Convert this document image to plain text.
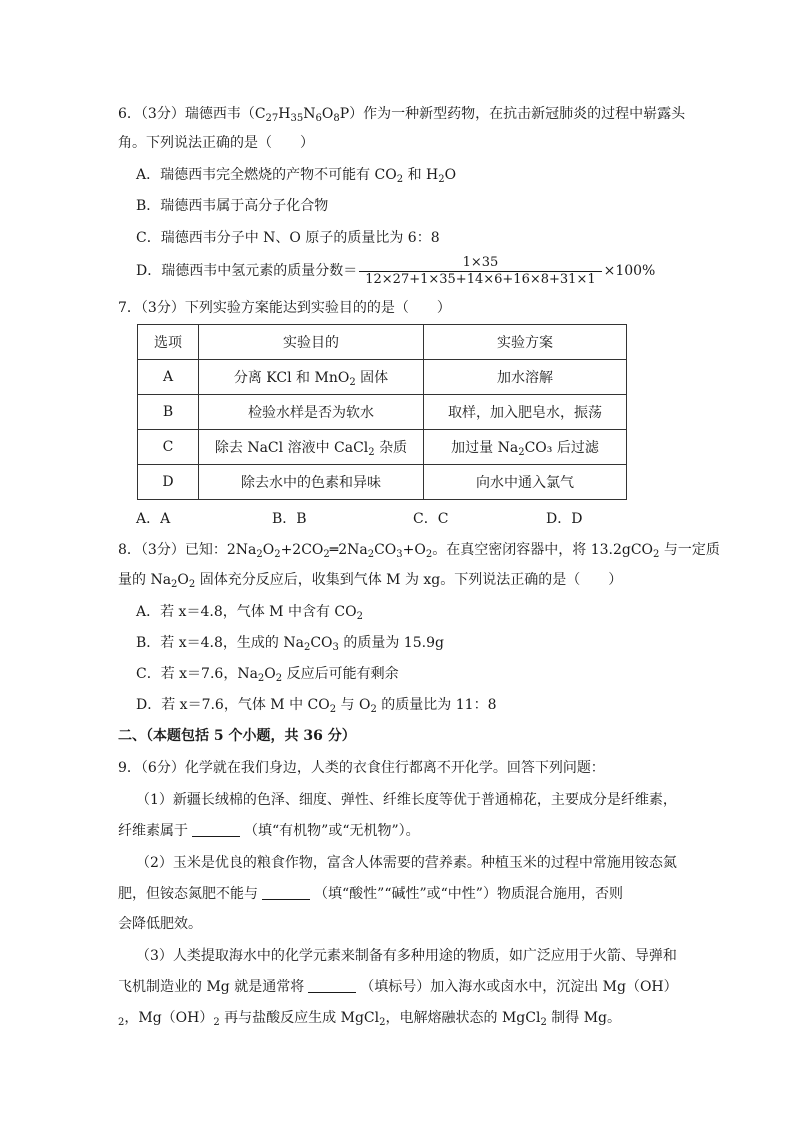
6．（3分）瑞德西韦$(C_{27}H_{35}N_6O_8P)$作为一种新型药物，在抗击新冠肺炎的过程中崭露头
角。下列说法正确的是（　　）
A．瑞德西韦完全燃烧的产物不可能有 $CO_2$ 和 $H_2O$
B．瑞德西韦属于高分子化合物
C．瑞德西韦分子中 N、O 原子的质量比为 6：8
D．瑞德西韦中氢元素的质量分数＝ $\frac{1\times 35}{12\times 27+1\times 35+14\times 6+16\times 8+31\times 1} \times 100\%$
7．（3分）下列实验方案能达到实验目的的是（　　）
选项	实验目的	实验方案
A	分离 KCl 和 MnO$_2$ 固体	加水溶解
B	检验水样是否为软水	取样，加入肥皂水，振荡
C	除去 NaCl 溶液中 CaCl$_2$ 杂质	加过量 $Na_2CO_3$ 后过滤
D	除去水中的色素和异味	向水中通入氯气
A．A	B．B	C．C	D．D
8．（3分）已知：$2Na_2O_2+2CO_2═2Na_2CO_3+O_2$。在真空密闭容器中，将 13.2gCO$_2$ 与一定质
量的 $Na_2O_2$ 固体充分反应后，收集到气体 M 为 xg。下列说法正确的是（　　）
A．若 x＝4.8，气体 M 中含有 $CO_2$
B．若 x＝4.8，生成的 $Na_2CO_3$ 的质量为 15.9g
C．若 x＝7.6，$Na_2O_2$ 反应后可能有剩余
D．若 x＝7.6，气体 M 中 $CO_2$ 与 $O_2$ 的质量比为 11：8
二、（本题包括 5 个小题，共 36 分）
9．（6分）化学就在我们身边，人类的衣食住行都离不开化学。回答下列问题：
（1）新疆长绒棉的色泽、细度、弹性、纤维长度等优于普通棉花，主要成分是纤维素，
纤维素属于	（填“有机物”或“无机物”）。
（2）玉米是优良的粮食作物，富含人体需要的营养素。种植玉米的过程中常施用铵态氮
肥，但铵态氮肥不能与	（填“酸性”“碱性”或“中性”）物质混合施用，否则
会降低肥效。
（3）人类提取海水中的化学元素来制备有多种用途的物质，如广泛应用于火箭、导弹和
飞机制造业的 Mg 就是通常将	（填标号）加入海水或卤水中，沉淀出 Mg（OH）
$_2$，$Mg(OH)_2$ 再与盐酸反应生成 MgCl$_2$，电解熔融状态的 MgCl$_2$ 制得 Mg。
